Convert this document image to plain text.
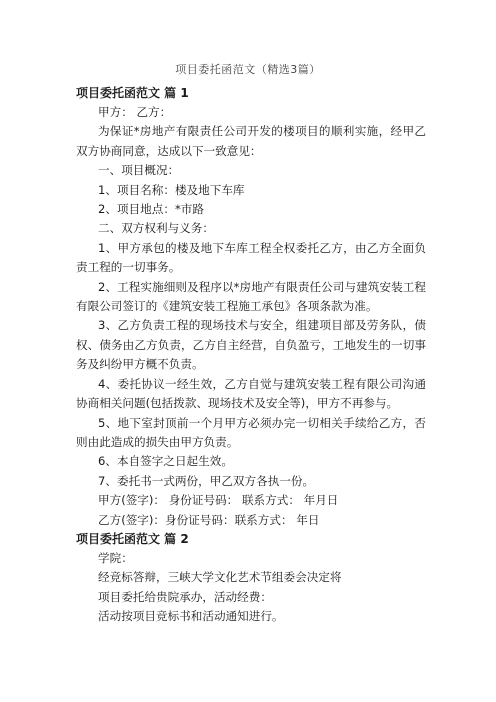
项目委托函范文（精选3篇）
项目委托函范文 篇 1

甲方： 乙方：

为保证*房地产有限责任公司开发的楼项目的顺利实施，经甲乙双方协商同意，达成以下一致意见：

一、项目概况：

1、项目名称：楼及地下车库

2、项目地点：*市路

二、双方权利与义务：

1、甲方承包的楼及地下车库工程全权委托乙方，由乙方全面负责工程的一切事务。

2、工程实施细则及程序以*房地产有限责任公司与建筑安装工程有限公司签订的《建筑安装工程施工承包》各项条款为准。

3、乙方负责工程的现场技术与安全，组建项目部及劳务队，债权、债务由乙方负责，乙方自主经营，自负盈亏，工地发生的一切事务及纠纷甲方概不负责。

4、委托协议一经生效，乙方自觉与建筑安装工程有限公司沟通协商相关问题(包括拨款、现场技术及安全等)，甲方不再参与。

5、地下室封顶前一个月甲方必须办完一切相关手续给乙方，否则由此造成的损失由甲方负责。

6、本自签字之日起生效。

7、委托书一式两份，甲乙双方各执一份。

甲方(签字)： 身份证号码： 联系方式： 年月日

乙方(签字)：身份证号码：联系方式： 年日

项目委托函范文 篇 2

学院：

经竞标答辩，三峡大学文化艺术节组委会决定将

项目委托给贵院承办，活动经费：

活动按项目竞标书和活动通知进行。
